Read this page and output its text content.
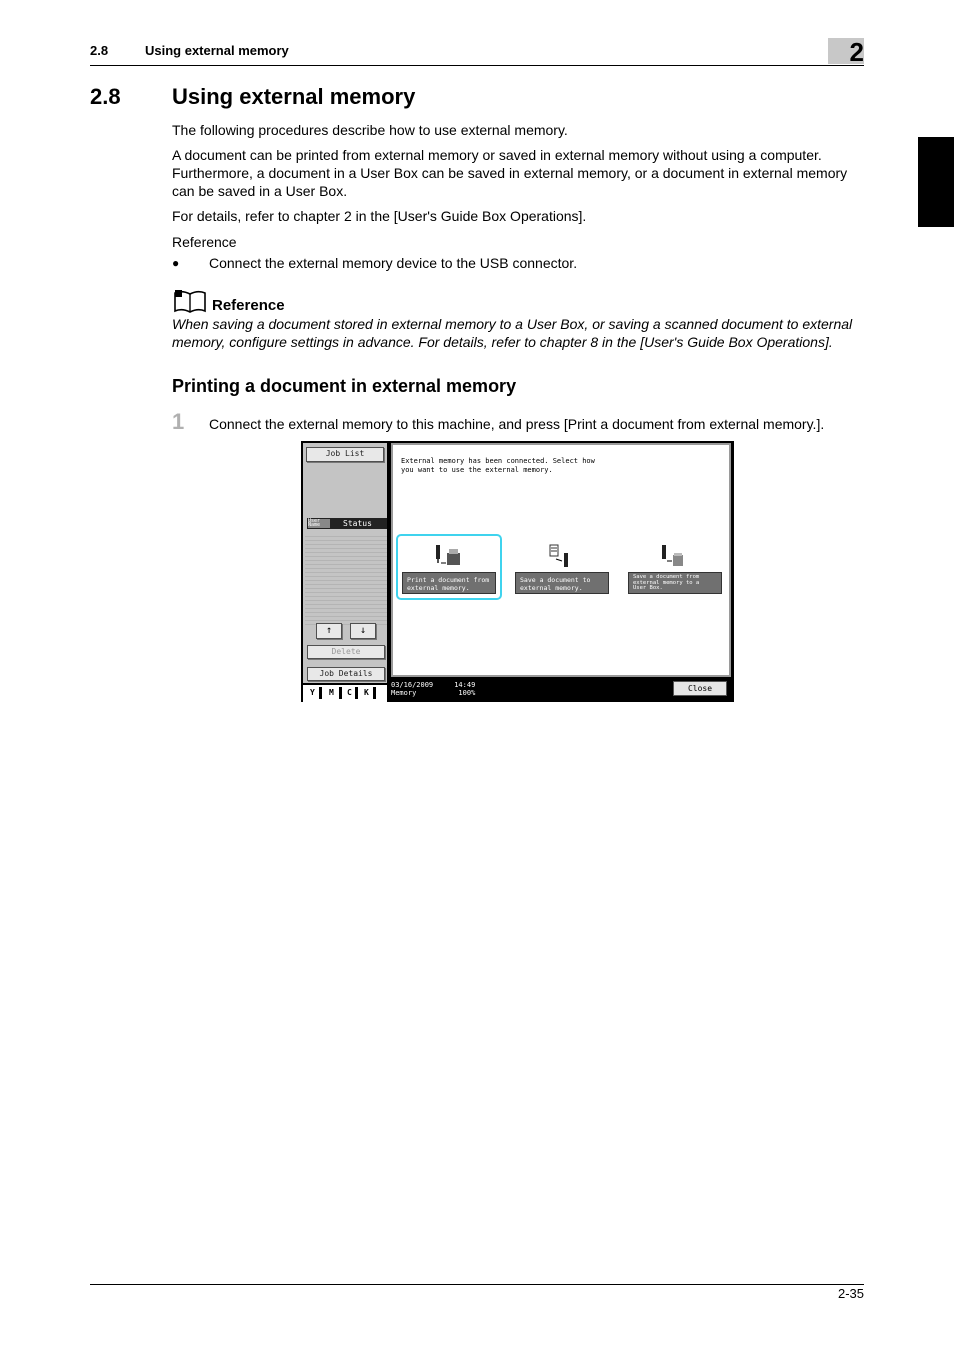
2.8	Using external memory	2
2.8 Using external memory
The following procedures describe how to use external memory.
A document can be printed from external memory or saved in external memory without using a computer. Furthermore, a document in a User Box can be saved in external memory, or a document in external memory can be saved in a User Box.
For details, refer to chapter 2 in the [User's Guide Box Operations].
Reference
● Connect the external memory device to the USB connector.
Reference
When saving a document stored in external memory to a User Box, or saving a scanned document to external memory, configure settings in advance. For details, refer to chapter 8 in the [User's Guide Box Operations].
Printing a document in external memory
1 Connect the external memory to this machine, and press [Print a document from external memory.].
Job List
User Name	Status
↑	↓
Delete
Job Details
Y M C K
External memory has been connected. Select how
you want to use the external memory.
Print a document from
external memory.
Save a document to
external memory.
Save a document from
external memory to a
User Box.
03/16/2009     14:49
Memory          100%	Close
2-35
